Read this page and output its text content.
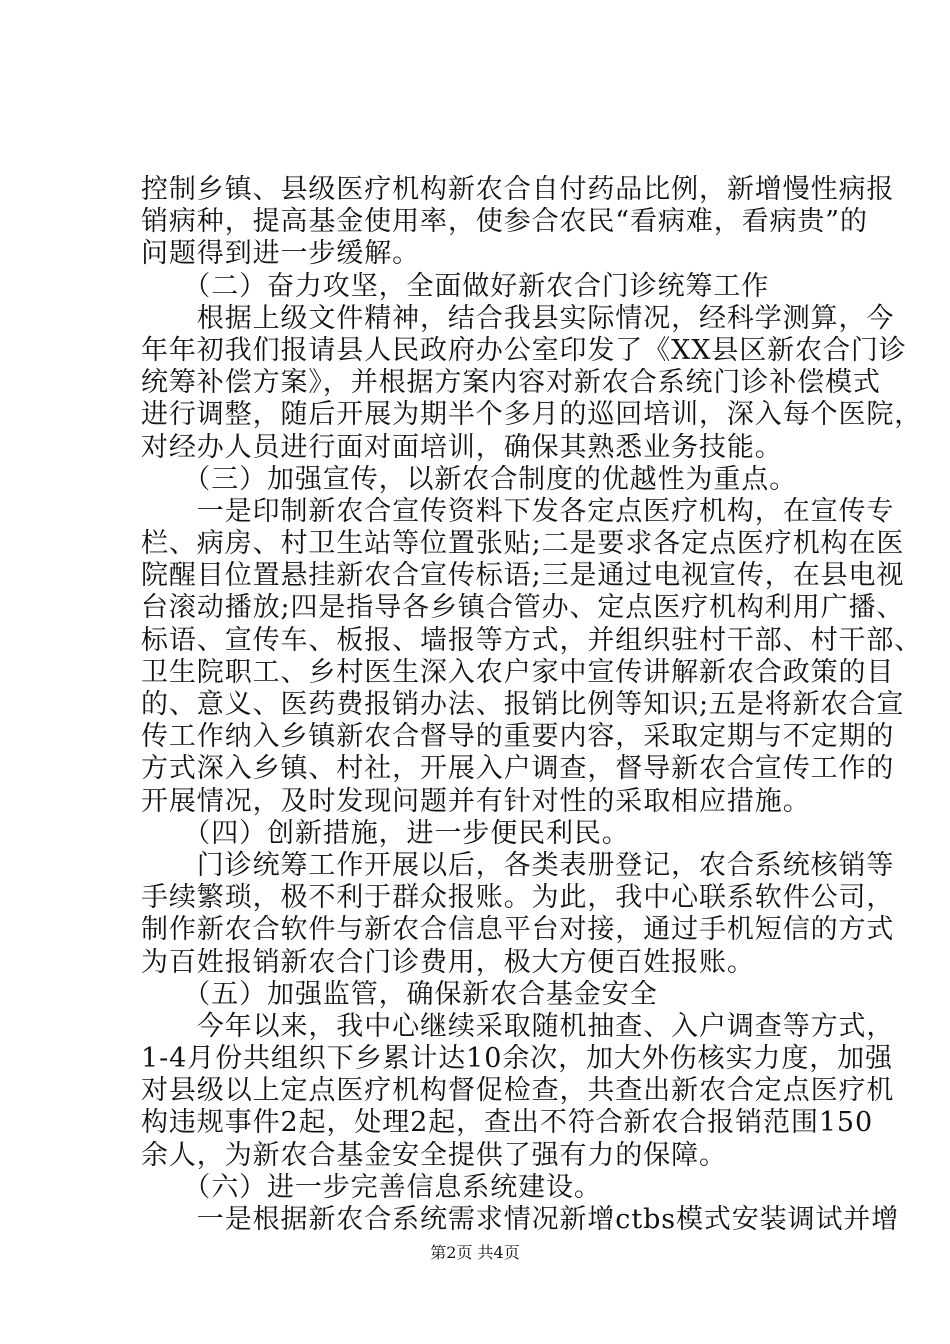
控制乡镇、县级医疗机构新农合自付药品比例，新增慢性病报
销病种，提高基金使用率，使参合农民“看病难，看病贵”的
问题得到进一步缓解。
　　（二）奋力攻坚，全面做好新农合门诊统筹工作
　　根据上级文件精神，结合我县实际情况，经科学测算，今
年年初我们报请县人民政府办公室印发了《XX县区新农合门诊
统筹补偿方案》，并根据方案内容对新农合系统门诊补偿模式
进行调整，随后开展为期半个多月的巡回培训，深入每个医院，
对经办人员进行面对面培训，确保其熟悉业务技能。
　　（三）加强宣传，以新农合制度的优越性为重点。
　　一是印制新农合宣传资料下发各定点医疗机构，在宣传专
栏、病房、村卫生站等位置张贴;二是要求各定点医疗机构在医
院醒目位置悬挂新农合宣传标语;三是通过电视宣传，在县电视
台滚动播放;四是指导各乡镇合管办、定点医疗机构利用广播、
标语、宣传车、板报、墙报等方式，并组织驻村干部、村干部、
卫生院职工、乡村医生深入农户家中宣传讲解新农合政策的目
的、意义、医药费报销办法、报销比例等知识;五是将新农合宣
传工作纳入乡镇新农合督导的重要内容，采取定期与不定期的
方式深入乡镇、村社，开展入户调查，督导新农合宣传工作的
开展情况，及时发现问题并有针对性的采取相应措施。
　　（四）创新措施，进一步便民利民。
　　门诊统筹工作开展以后，各类表册登记，农合系统核销等
手续繁琐，极不利于群众报账。为此，我中心联系软件公司，
制作新农合软件与新农合信息平台对接，通过手机短信的方式
为百姓报销新农合门诊费用，极大方便百姓报账。
　　（五）加强监管，确保新农合基金安全
　　今年以来，我中心继续采取随机抽查、入户调查等方式，
1-4月份共组织下乡累计达10余次，加大外伤核实力度，加强
对县级以上定点医疗机构督促检查，共查出新农合定点医疗机
构违规事件2起，处理2起，查出不符合新农合报销范围150
余人，为新农合基金安全提供了强有力的保障。
　　（六）进一步完善信息系统建设。
　　一是根据新农合系统需求情况新增ctbs模式安装调试并增
第2页 共4页
